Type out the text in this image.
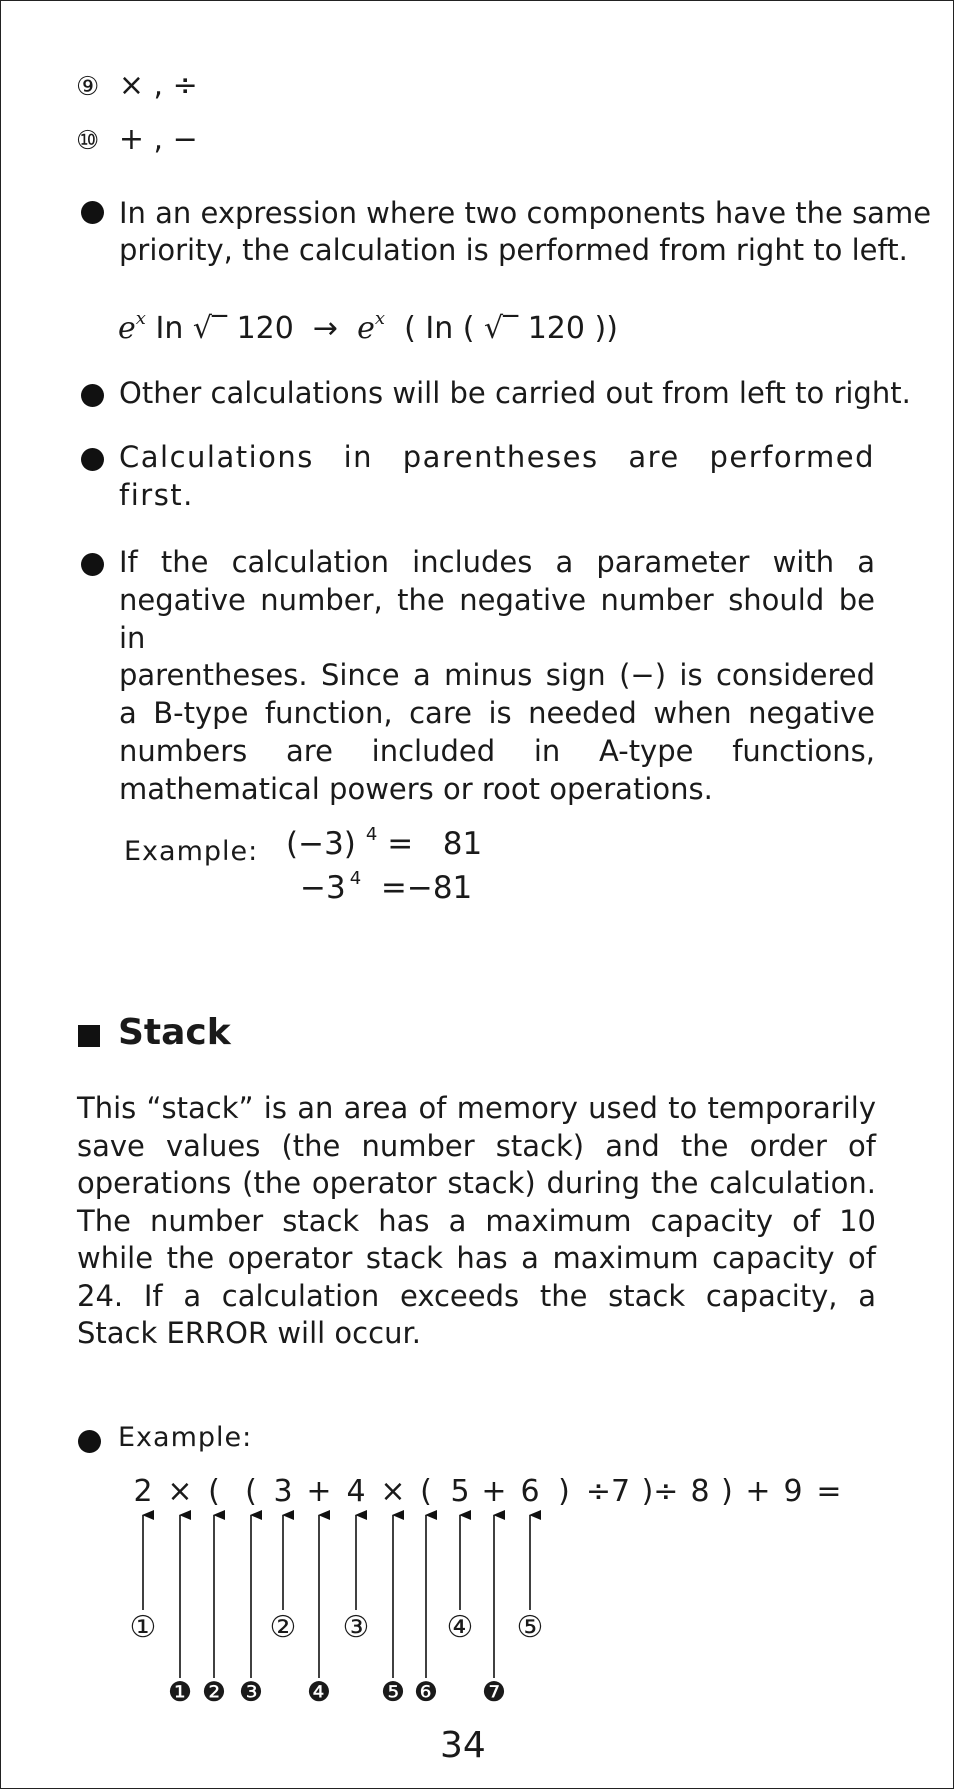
⑨ × , ÷
⑩ + , −
In an expression where two components have the same
priority, the calculation is performed from right to left.
$e^x$ In √‾ $120 \to e^x$ ( In ( √‾ 120 ))
Other calculations will be carried out from left to right.
Calculations in parentheses are performed first.
If the calculation includes a parameter with a
negative number, the negative number should be in
parentheses. Since a minus sign (−) is considered
a B-type function, care is needed when negative
numbers are included in A-type functions,
mathematical powers or root operations.
Example: (−3) $^4$ =   81
−3 $^4$ =−81
Stack
This “stack” is an area of memory used to temporarily
save values (the number stack) and the order of
operations (the operator stack) during the calculation.
The number stack has a maximum capacity of 10
while the operator stack has a maximum capacity of
24. If a calculation exceeds the stack capacity, a
Stack ERROR will occur.
Example:
2 × ( ( 3 + 4 × ( 5 + 6 ) ÷7 )÷ 8 ) + 9 =
①	② ③	④ ⑤
❶ ❷ ❸ ❹ ❺ ❻ ❼
34
